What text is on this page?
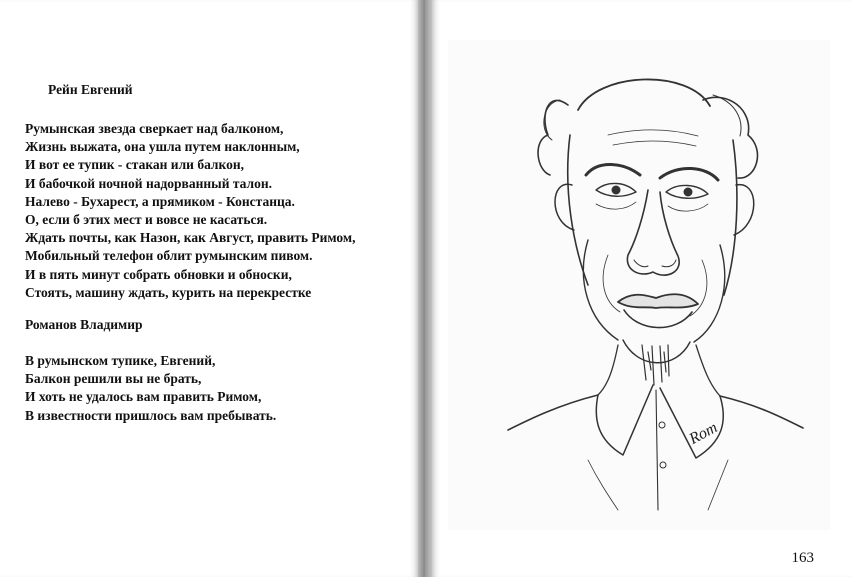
Рейн Евгений
Румынская звезда сверкает над балконом,
Жизнь выжата, она ушла путем наклонным,
И вот ее тупик - стакан или балкон,
И бабочкой ночной надорванный талон.
Налево - Бухарест, а прямиком - Констанца.
О, если б этих мест и вовсе не касаться.
Ждать почты, как Назон, как Август, править Римом,
Мобильный телефон облит румынским пивом.
И в пять минут собрать обновки и обноски,
Стоять, машину ждать, курить на перекрестке
Романов Владимир
В румынском тупике, Евгений,
Балкон решили вы не брать,
И хоть не удалось вам править Римом,
В известности пришлось вам пребывать.
Rom
163
